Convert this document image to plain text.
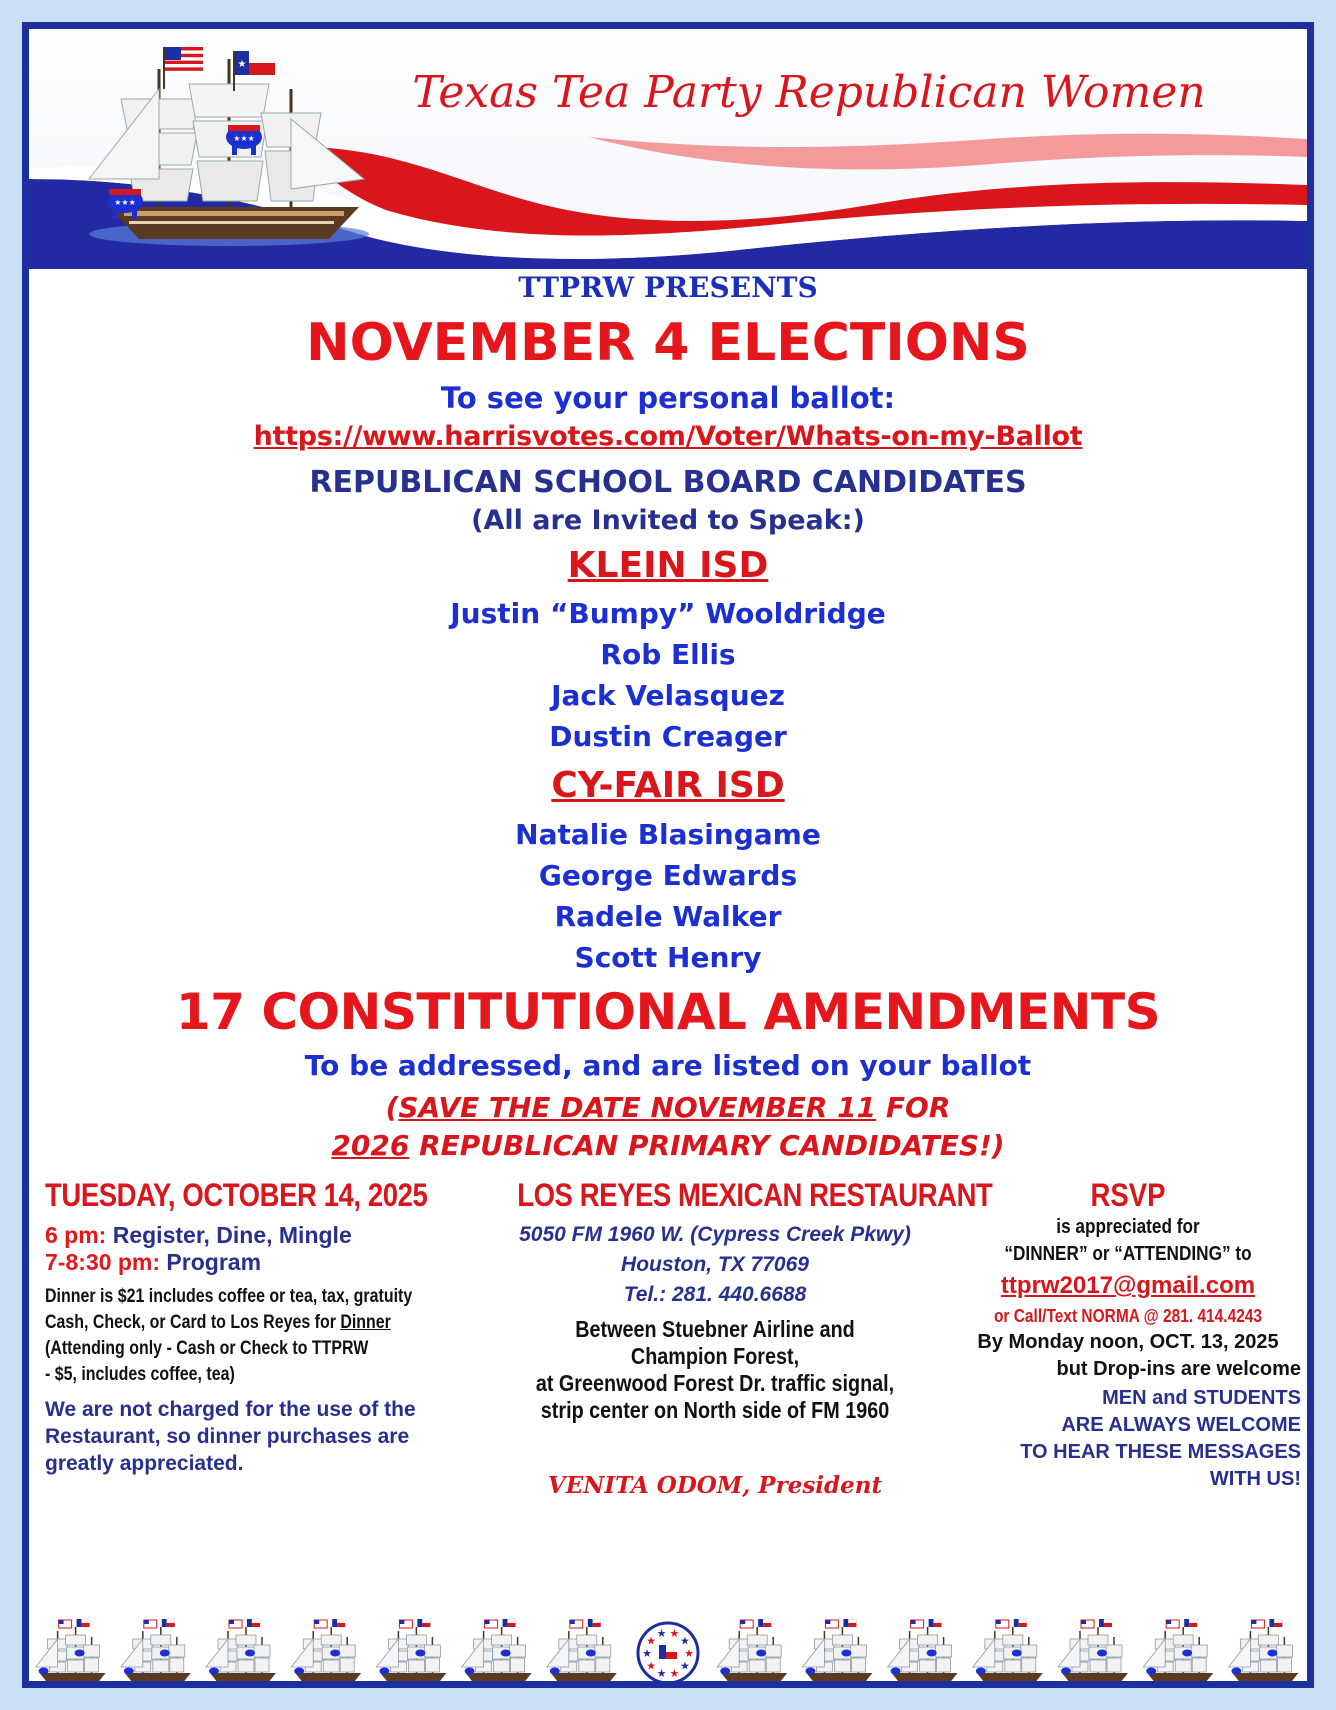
★★★
★★★
★
Texas Tea Party Republican Women
TTPRW PRESENTS
NOVEMBER 4 ELECTIONS
To see your personal ballot:
https://www.harrisvotes.com/Voter/Whats-on-my-Ballot
REPUBLICAN SCHOOL BOARD CANDIDATES
(All are Invited to Speak:)
KLEIN ISD
Justin “Bumpy” Wooldridge
Rob Ellis
Jack Velasquez
Dustin Creager
CY-FAIR ISD
Natalie Blasingame
George Edwards
Radele Walker
Scott Henry
17 CONSTITUTIONAL AMENDMENTS
To be addressed, and are listed on your ballot
(SAVE THE DATE NOVEMBER 11 FOR
2026 REPUBLICAN PRIMARY CANDIDATES!)
TUESDAY, OCTOBER 14, 2025
6 pm: Register, Dine, Mingle
7-8:30 pm: Program
Dinner is $21 includes coffee or tea, tax, gratuity
Cash, Check, or Card to Los Reyes for Dinner
(Attending only - Cash or Check to TTPRW
- $5, includes coffee, tea)
We are not charged for the use of the
Restaurant, so dinner purchases are
greatly appreciated.
LOS REYES MEXICAN RESTAURANT
5050 FM 1960 W. (Cypress Creek Pkwy)
Houston, TX 77069
Tel.: 281. 440.6688
Between Stuebner Airline and
Champion Forest,
at Greenwood Forest Dr. traffic signal,
strip center on North side of FM 1960
VENITA ODOM, President
RSVP
is appreciated for
“DINNER” or “ATTENDING” to
ttprw2017@gmail.com
or Call/Text NORMA @ 281. 414.4243
By Monday noon, OCT. 13, 2025
but Drop-ins are welcome
MEN and STUDENTS
ARE ALWAYS WELCOME
TO HEAR THESE MESSAGES
WITH US!
★
★
★
★
★
★
★
★ ★
★
